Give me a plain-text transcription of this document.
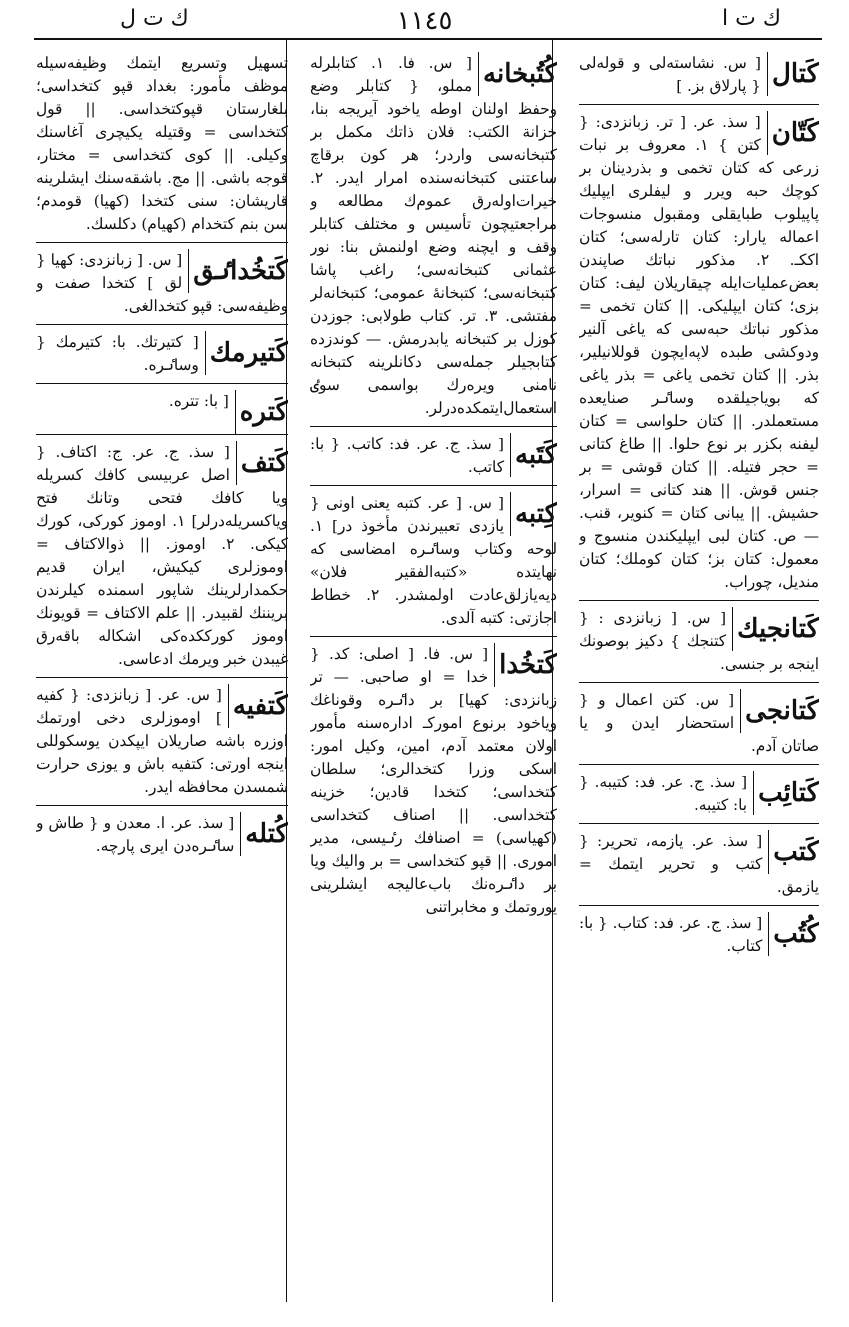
ك ت ا
١١٤٥
ك ت ل
كَتال
[ س. نشاسته‌لى و قوله‌لى { پارلاق بز. ]
كَتّان
[ سذ. عر. [ تر. زبانزدى: { كتن } ١. معروف بر نبات زرعى كه كتان تخمى و بذردينان بر كوچك حبه ويرر و ليفلرى ايپليك پاپيلوب طبايقلى ومقبول منسوجات اعماله يارار: كتان تارلەسى؛ كتان اككـ. ٢. مذكور نباتك صاپندن بعض‌عمليات‌ايله چيقاريلان ليف: كتان بزى؛ كتان ايپليكى. || كتان تخمى = مذكور نباتك حبه‌سى كه ياغى آلنير ودوكشى طبده لاپه‌ايچون قوللانيلير، بذر. || كتان تخمى ياغى = بذر ياغى كه بوياجيلقده وساٸر صنايعده مستعملدر. || كتان حلواسى = كتان ليفنه بكزر بر نوع حلوا. || طاغ كتانى = حجر فتيله. || كتان قوشى = بر جنس قوش. || هند كتانى = اسرار، حشيش. || يبانى كتان = كنوير، قنب. — ص. كتان لبى ايپليكندن منسوج و معمول: كتان بز؛ كتان كوملك؛ كتان منديل، چوراب.
كَتانجيك
[ س. [ زبانزدى : { كتنجك } دكيز بوصونك اينجه بر جنسى.
كَتانجى
[ س. كتن اعمال و { استحضار ايدن و يا صاتان آدم.
كَتائِب
[ سذ. ج. عر. فد: كتيبه. { با: كتيبه.
كَتب
[ سذ. عر. يازمه، تحرير: { كتب و تحرير ايتمك = يازمق.
كُتُب
[ سذ. ج. عر. فد: كتاب. { با: كتاب.
كُتُبخانه
[ س. فا. ١. كتابلرله مملو، { كتابلر وضع وحفظ اولنان اوطه ياخود آيريجه بنا، خزانة الكتب: فلان ذاتك مكمل بر كتبخانه‌سى واردر؛ هر كون برقاچ ساعتنى كتبخانه‌سنده امرار ايدر. ٢. خيرات‌اوله‌رق عموم‌ك مطالعه و مراجعتيچون تأسيس و مختلف كتابلر وقف و ايچنه وضع اولنمش بنا: نور عثمانى كتبخانه‌سى؛ راغب پاشا كتبخانه‌سى؛ كتبخانهٔ عمومى؛ كتبخانه‌لر مفتشى. ٣. تر. كتاب طولابى: جوزدن كوزل بر كتبخانه يابدرمش. — كوندزده كتابجيلر جمله‌سى دكانلرينه كتبخانه نامنى ويره‌رك بوا‌سمى سوٸ استعمال‌ايتمكده‌درلر.
كَتَبه
[ سذ. ج. عر. فد: كاتب. { با: كاتب.
كِتبه
[ س. [ عر. كتبه يعنى اونى { يازدى تعبيرندن مأخوذ در] ١. لوحه وكتاب وساٸره امضاسى كه نهايتده «كتبه‌الفقير فلان» ديه‌يازلق‌عادت اولمشدر. ٢. خطاط اجازتى: كتبه آلدى.
كَتخُدا
[ س. فا. [ اصلى: كد. { خدا = او صاحبى. — تر زبانزدى: كهيا] بر داٸره وقوناغك وياخود برنوع اموركـ ادارەسنه مأمور اولان معتمد آدم، امين، وكيل امور: اسكى وزرا كتخدالرى؛ سلطان كتخداسى؛ كتخدا قادين؛ خزينه كتخداسى. || اصناف كتخداسى (كهياسى) = اصنافك رٸيسى، مدير امورى. || قپو كتخداسى = بر واليك ويا بر داٸره‌نك باب‌عاليجه ايشلرينى يوروتمك و مخابراتنى
تسهيل وتسريع ايتمك وظيفه‌سيله موظف مأمور: بغداد قپو كتخداسى؛ بلغارستان قپوكتخداسى. || قول كتخداسى = وقتيله يكيچرى آغاسنك وكيلى. || كوى كتخداسى = مختار، قوجه باشى. || مج. باشقه‌سنك ايشلرينه قاريشان: سنى كتخدا (كهيا) قومدم؛ سن بنم كتخدام (كهيام) دكلسك.
كَتخُداٸق
[ س. [ زبانزدى: كهيا { لق ] كتخدا صفت و وظيفه‌سى: قپو كتخدالغى.
كَتيرمك
[ كتيرتك. با: كتيرمك { وساٸره.
كَتره
[ با: تتره.
كَتف
[ سذ. ج. عر. ج: اكتاف. { اصل عربيسى كافك كسريله ويا كافك فتحى وتانك فتح وياكسريله‌درلر] ١. اوموز كوركى، كورك كيكى. ٢. اوموز. || ذوالاكتاف = اوموزلرى كيكيش، ايران قديم حكمدارلرينك شاپور اسمنده كيلرندن بريننك لقبيدر. || علم الاكتاف = قويونك اوموز كورككده‌كى اشكاله باقه‌رق غيبدن خبر ويرمك ادعاسى.
كَتفيه
[ س. عر. [ زبانزدى: { كفيه ] اوموزلرى دخى اورتمك اوزره باشه صاريلان ايپكدن يوسكوللى اينجه اورتى: كتفيه باش و يوزى حرارت شمسدن محافظه ايدر.
كُتله
[ سذ. عر. ا. معدن و { طاش و ساٸره‌دن ايرى پارچه.
